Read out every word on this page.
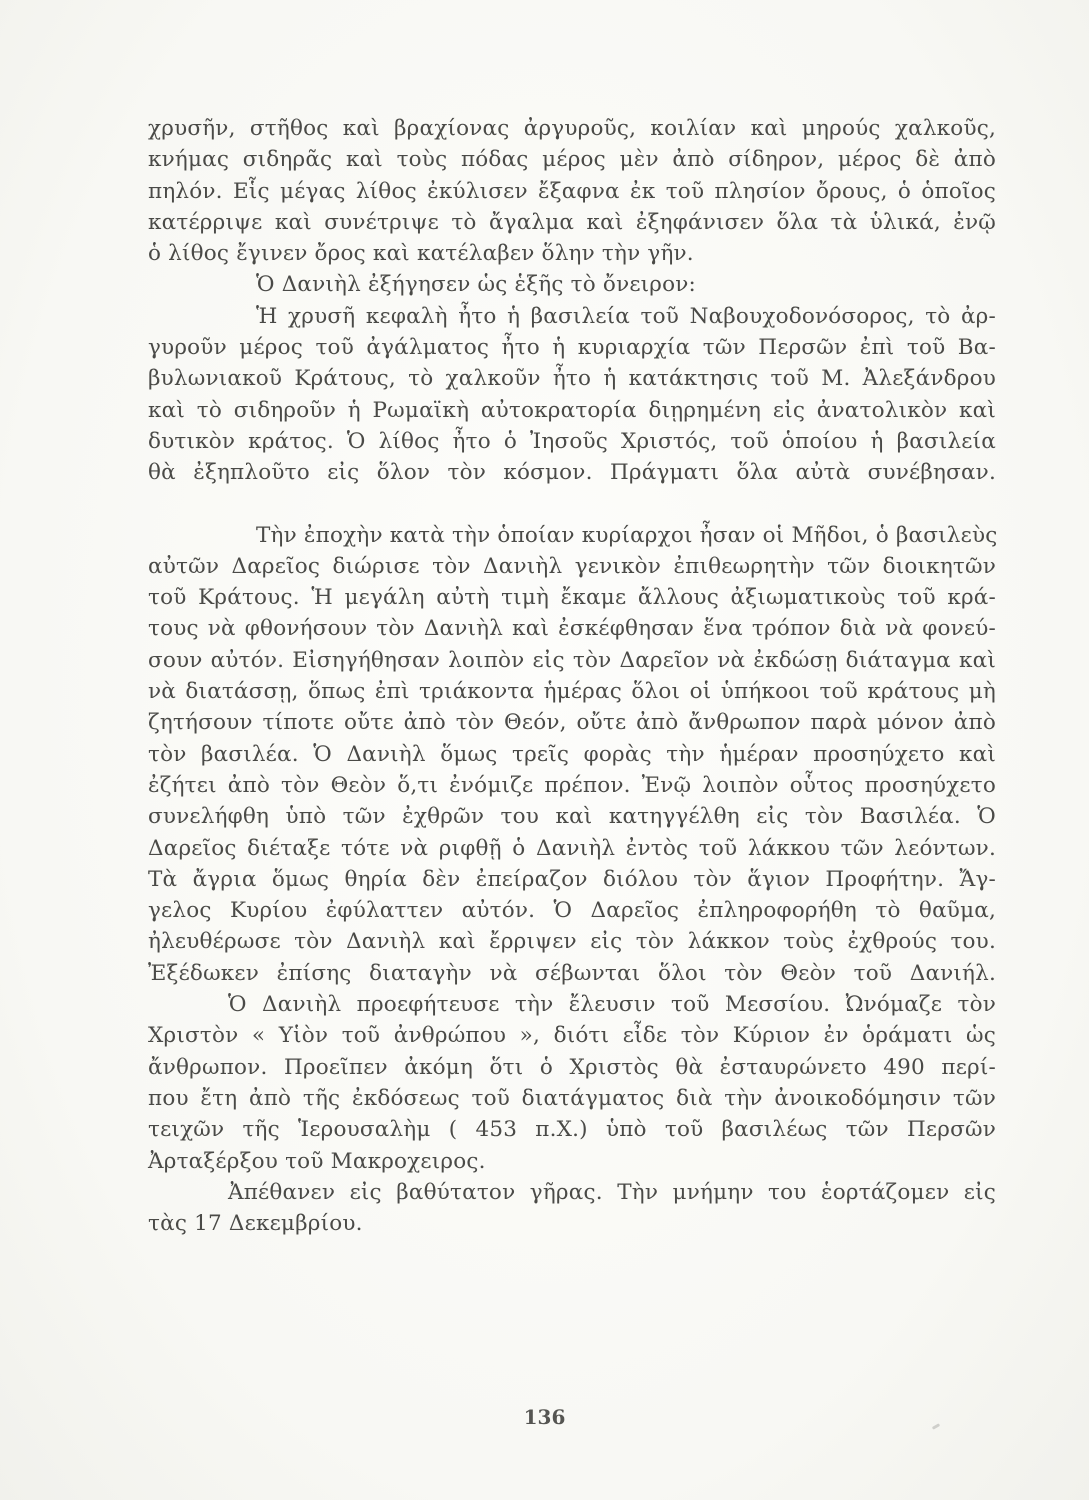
χρυσῆν, στῆθος καὶ βραχίονας ἀργυροῦς, κοιλίαν καὶ μηρούς χαλκοῦς,
κνήμας σιδηρᾶς καὶ τοὺς πόδας μέρος μὲν ἀπὸ σίδηρον, μέρος δὲ ἀπὸ
πηλόν. Εἷς μέγας λίθος ἐκύλισεν ἔξαφνα ἐκ τοῦ πλησίον ὄρους, ὁ ὁποῖος
κατέρριψε καὶ συνέτριψε τὸ ἄγαλμα καὶ ἐξηφάνισεν ὅλα τὰ ὑλικά, ἐνῷ
ὁ λίθος ἔγινεν ὄρος καὶ κατέλαβεν ὅλην τὴν γῆν.
Ὁ Δανιὴλ ἐξήγησεν ὡς ἑξῆς τὸ ὄνειρον:
Ἡ χρυσῆ κεφαλὴ ἦτο ἡ βασιλεία τοῦ Ναβουχοδονόσορος, τὸ ἀρ-
γυροῦν μέρος τοῦ ἀγάλματος ἦτο ἡ κυριαρχία τῶν Περσῶν ἐπὶ τοῦ Βα-
βυλωνιακοῦ Κράτους, τὸ χαλκοῦν ἦτο ἡ κατάκτησις τοῦ Μ. Ἀλεξάνδρου
καὶ τὸ σιδηροῦν ἡ Ρωμαϊκὴ αὐτοκρατορία διῃρημένη εἰς ἀνατολικὸν καὶ
δυτικὸν κράτος. Ὁ λίθος ἦτο ὁ Ἰησοῦς Χριστός, τοῦ ὁποίου ἡ βασιλεία
θὰ ἐξηπλοῦτο εἰς ὅλον τὸν κόσμον. Πράγματι ὅλα αὐτὰ συνέβησαν.
Τὴν ἐποχὴν κατὰ τὴν ὁποίαν κυρίαρχοι ἦσαν οἱ Μῆδοι, ὁ βασιλεὺς
αὐτῶν Δαρεῖος διώρισε τὸν Δανιὴλ γενικὸν ἐπιθεωρητὴν τῶν διοικητῶν
τοῦ Κράτους. Ἡ μεγάλη αὐτὴ τιμὴ ἔκαμε ἄλλους ἀξιωματικοὺς τοῦ κρά-
τους νὰ φθονήσουν τὸν Δανιὴλ καὶ ἐσκέφθησαν ἕνα τρόπον διὰ νὰ φονεύ-
σουν αὐτόν. Εἰσηγήθησαν λοιπὸν εἰς τὸν Δαρεῖον νὰ ἐκδώσῃ διάταγμα καὶ
νὰ διατάσσῃ, ὅπως ἐπὶ τριάκοντα ἡμέρας ὅλοι οἱ ὑπήκοοι τοῦ κράτους μὴ
ζητήσουν τίποτε οὔτε ἀπὸ τὸν Θεόν, οὔτε ἀπὸ ἄνθρωπον παρὰ μόνον ἀπὸ
τὸν βασιλέα. Ὁ Δανιὴλ ὅμως τρεῖς φορὰς τὴν ἡμέραν προσηύχετο καὶ
ἐζήτει ἀπὸ τὸν Θεὸν ὅ,τι ἐνόμιζε πρέπον. Ἐνῷ λοιπὸν οὗτος προσηύχετο
συνελήφθη ὑπὸ τῶν ἐχθρῶν του καὶ κατηγγέλθη εἰς τὸν Βασιλέα. Ὁ
Δαρεῖος διέταξε τότε νὰ ριφθῇ ὁ Δανιὴλ ἐντὸς τοῦ λάκκου τῶν λεόντων.
Τὰ ἄγρια ὅμως θηρία δὲν ἐπείραζον διόλου τὸν ἅγιον Προφήτην. Ἄγ-
γελος Κυρίου ἐφύλαττεν αὐτόν. Ὁ Δαρεῖος ἐπληροφορήθη τὸ θαῦμα,
ἠλευθέρωσε τὸν Δανιὴλ καὶ ἔρριψεν εἰς τὸν λάκκον τοὺς ἐχθρούς του.
Ἐξέδωκεν ἐπίσης διαταγὴν νὰ σέβωνται ὅλοι τὸν Θεὸν τοῦ Δανιήλ.
Ὁ Δανιὴλ προεφήτευσε τὴν ἔλευσιν τοῦ Μεσσίου. Ὠνόμαζε τὸν
Χριστὸν « Υἱὸν τοῦ ἀνθρώπου », διότι εἶδε τὸν Κύριον ἐν ὁράματι ὡς
ἄνθρωπον. Προεῖπεν ἀκόμη ὅτι ὁ Χριστὸς θὰ ἐσταυρώνετο 490 περί-
που ἔτη ἀπὸ τῆς ἐκδόσεως τοῦ διατάγματος διὰ τὴν ἀνοικοδόμησιν τῶν
τειχῶν τῆς Ἱερουσαλὴμ ( 453 π.Χ.) ὑπὸ τοῦ βασιλέως τῶν Περσῶν
Ἀρταξέρξου τοῦ Μακροχειρος.
Ἀπέθανεν εἰς βαθύτατον γῆρας. Τὴν μνήμην του ἑορτάζομεν εἰς
τὰς 17 Δεκεμβρίου.
136
